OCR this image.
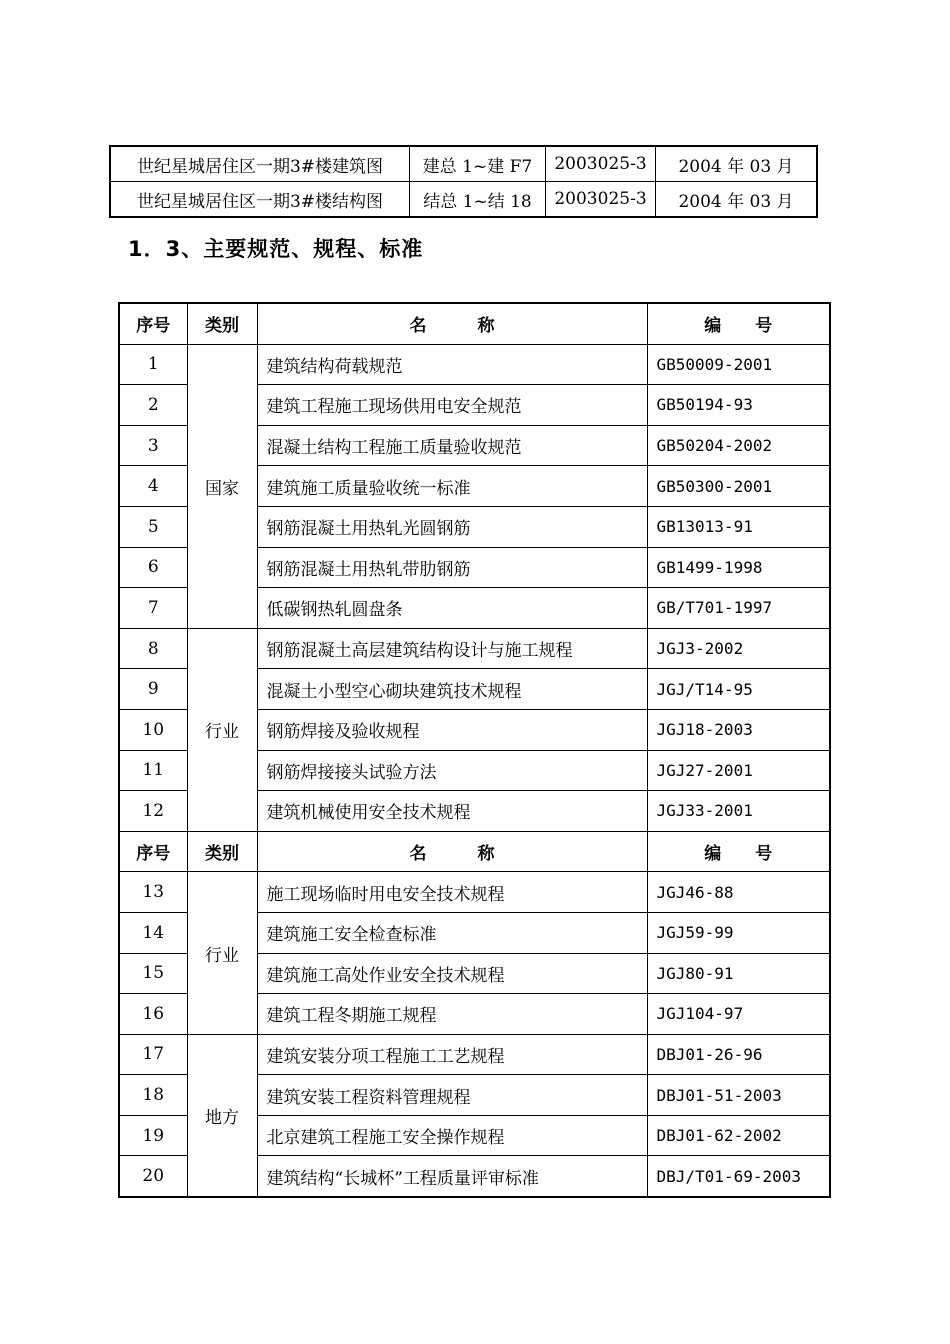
世纪星城居住区一期3#楼建筑图	建总 1~建 F7	2003025-3	2004 年 03 月
世纪星城居住区一期3#楼结构图	结总 1~结 18	2003025-3	2004 年 03 月
1．3、主要规范、规程、标准
序号	类别	名　　　称	编　　号
1	国家	建筑结构荷载规范	GB50009-2001
2		建筑工程施工现场供用电安全规范	GB50194-93
3		混凝土结构工程施工质量验收规范	GB50204-2002
4		建筑施工质量验收统一标准	GB50300-2001
5		钢筋混凝土用热轧光圆钢筋	GB13013-91
6		钢筋混凝土用热轧带肋钢筋	GB1499-1998
7		低碳钢热轧圆盘条	GB/T701-1997
8	行业	钢筋混凝土高层建筑结构设计与施工规程	JGJ3-2002
9		混凝土小型空心砌块建筑技术规程	JGJ/T14-95
10		钢筋焊接及验收规程	JGJ18-2003
11		钢筋焊接接头试验方法	JGJ27-2001
12		建筑机械使用安全技术规程	JGJ33-2001
序号	类别	名　　　称	编　　号
13	行业	施工现场临时用电安全技术规程	JGJ46-88
14		建筑施工安全检查标准	JGJ59-99
15		建筑施工高处作业安全技术规程	JGJ80-91
16		建筑工程冬期施工规程	JGJ104-97
17	地方	建筑安装分项工程施工工艺规程	DBJ01-26-96
18		建筑安装工程资料管理规程	DBJ01-51-2003
19		北京建筑工程施工安全操作规程	DBJ01-62-2002
20		建筑结构“长城杯”工程质量评审标准	DBJ/T01-69-2003
